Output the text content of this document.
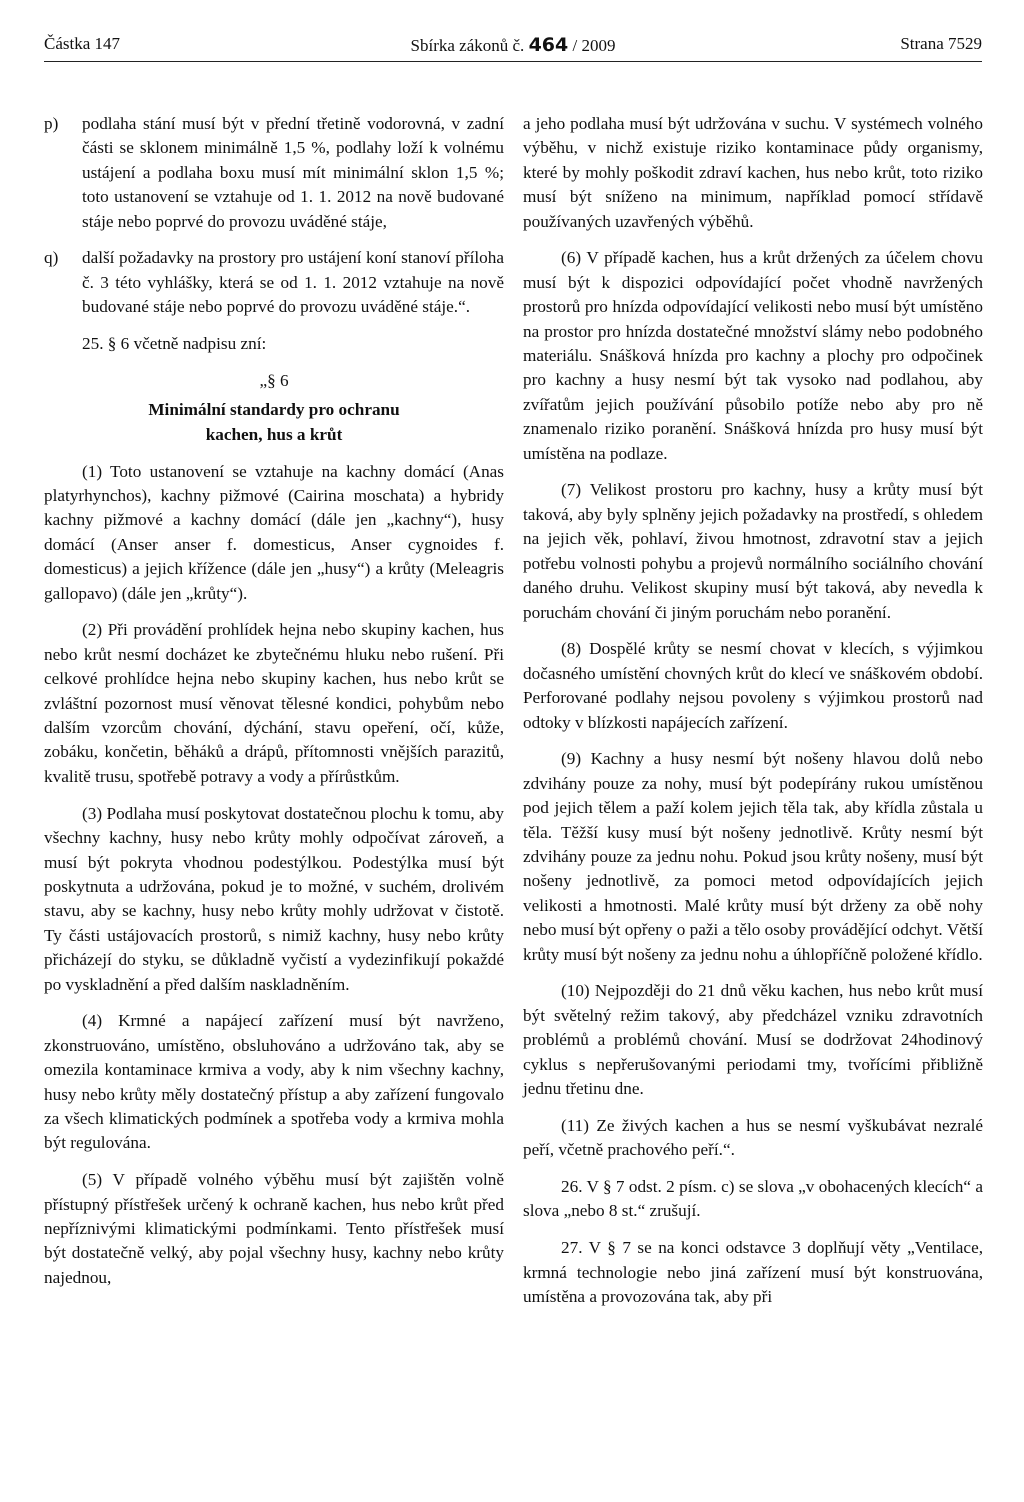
Částka 147	Sbírka zákonů č. 464 / 2009	Strana 7529
p) podlaha stání musí být v přední třetině vodorovná, v zadní části se sklonem minimálně 1,5 %, podlahy loží k volnému ustájení a podlaha boxu musí mít minimální sklon 1,5 %; toto ustanovení se vztahuje od 1. 1. 2012 na nově budované stáje nebo poprvé do provozu uváděné stáje,
q) další požadavky na prostory pro ustájení koní stanoví příloha č. 3 této vyhlášky, která se od 1. 1. 2012 vztahuje na nově budované stáje nebo poprvé do provozu uváděné stáje.“.

25. § 6 včetně nadpisu zní:

„§ 6
Minimální standardy pro ochranu
kachen, hus a krůt

(1) Toto ustanovení se vztahuje na kachny domácí (Anas platyrhynchos), kachny pižmové (Cairina moschata) a hybridy kachny pižmové a kachny domácí (dále jen „kachny“), husy domácí (Anser anser f. domesticus, Anser cygnoides f. domesticus) a jejich křížence (dále jen „husy“) a krůty (Meleagris gallopavo) (dále jen „krůty“).

(2) Při provádění prohlídek hejna nebo skupiny kachen, hus nebo krůt nesmí docházet ke zbytečnému hluku nebo rušení. Při celkové prohlídce hejna nebo skupiny kachen, hus nebo krůt se zvláštní pozornost musí věnovat tělesné kondici, pohybům nebo dalším vzorcům chování, dýchání, stavu opeření, očí, kůže, zobáku, končetin, běháků a drápů, přítomnosti vnějších parazitů, kvalitě trusu, spotřebě potravy a vody a přírůstkům.

(3) Podlaha musí poskytovat dostatečnou plochu k tomu, aby všechny kachny, husy nebo krůty mohly odpočívat zároveň, a musí být pokryta vhodnou podestýlkou. Podestýlka musí být poskytnuta a udržována, pokud je to možné, v suchém, drolivém stavu, aby se kachny, husy nebo krůty mohly udržovat v čistotě. Ty části ustájovacích prostorů, s nimiž kachny, husy nebo krůty přicházejí do styku, se důkladně vyčistí a vydezinfikují pokaždé po vyskladnění a před dalším naskladněním.

(4) Krmné a napájecí zařízení musí být navrženo, zkonstruováno, umístěno, obsluhováno a udržováno tak, aby se omezila kontaminace krmiva a vody, aby k nim všechny kachny, husy nebo krůty měly dostatečný přístup a aby zařízení fungovalo za všech klimatických podmínek a spotřeba vody a krmiva mohla být regulována.

(5) V případě volného výběhu musí být zajištěn volně přístupný přístřešek určený k ochraně kachen, hus nebo krůt před nepříznivými klimatickými podmínkami. Tento přístřešek musí být dostatečně velký, aby pojal všechny husy, kachny nebo krůty najednou,

a jeho podlaha musí být udržována v suchu. V systémech volného výběhu, v nichž existuje riziko kontaminace půdy organismy, které by mohly poškodit zdraví kachen, hus nebo krůt, toto riziko musí být sníženo na minimum, například pomocí střídavě používaných uzavřených výběhů.

(6) V případě kachen, hus a krůt držených za účelem chovu musí být k dispozici odpovídající počet vhodně navržených prostorů pro hnízda odpovídající velikosti nebo musí být umístěno na prostor pro hnízda dostatečné množství slámy nebo podobného materiálu. Snášková hnízda pro kachny a plochy pro odpočinek pro kachny a husy nesmí být tak vysoko nad podlahou, aby zvířatům jejich používání působilo potíže nebo aby pro ně znamenalo riziko poranění. Snášková hnízda pro husy musí být umístěna na podlaze.

(7) Velikost prostoru pro kachny, husy a krůty musí být taková, aby byly splněny jejich požadavky na prostředí, s ohledem na jejich věk, pohlaví, živou hmotnost, zdravotní stav a jejich potřebu volnosti pohybu a projevů normálního sociálního chování daného druhu. Velikost skupiny musí být taková, aby nevedla k poruchám chování či jiným poruchám nebo poranění.

(8) Dospělé krůty se nesmí chovat v klecích, s výjimkou dočasného umístění chovných krůt do klecí ve snáškovém období. Perforované podlahy nejsou povoleny s výjimkou prostorů nad odtoky v blízkosti napájecích zařízení.

(9) Kachny a husy nesmí být nošeny hlavou dolů nebo zdvihány pouze za nohy, musí být podepírány rukou umístěnou pod jejich tělem a paží kolem jejich těla tak, aby křídla zůstala u těla. Těžší kusy musí být nošeny jednotlivě. Krůty nesmí být zdvihány pouze za jednu nohu. Pokud jsou krůty nošeny, musí být nošeny jednotlivě, za pomoci metod odpovídajících jejich velikosti a hmotnosti. Malé krůty musí být drženy za obě nohy nebo musí být opřeny o paži a tělo osoby provádějící odchyt. Větší krůty musí být nošeny za jednu nohu a úhlopříčně položené křídlo.

(10) Nejpozději do 21 dnů věku kachen, hus nebo krůt musí být světelný režim takový, aby předcházel vzniku zdravotních problémů a problémů chování. Musí se dodržovat 24hodinový cyklus s nepřerušovanými periodami tmy, tvořícími přibližně jednu třetinu dne.

(11) Ze živých kachen a hus se nesmí vyškubávat nezralé peří, včetně prachového peří.“.

26. V § 7 odst. 2 písm. c) se slova „v obohacených klecích“ a slova „nebo 8 st.“ zrušují.

27. V § 7 se na konci odstavce 3 doplňují věty „Ventilace, krmná technologie nebo jiná zařízení musí být konstruována, umístěna a provozována tak, aby při
